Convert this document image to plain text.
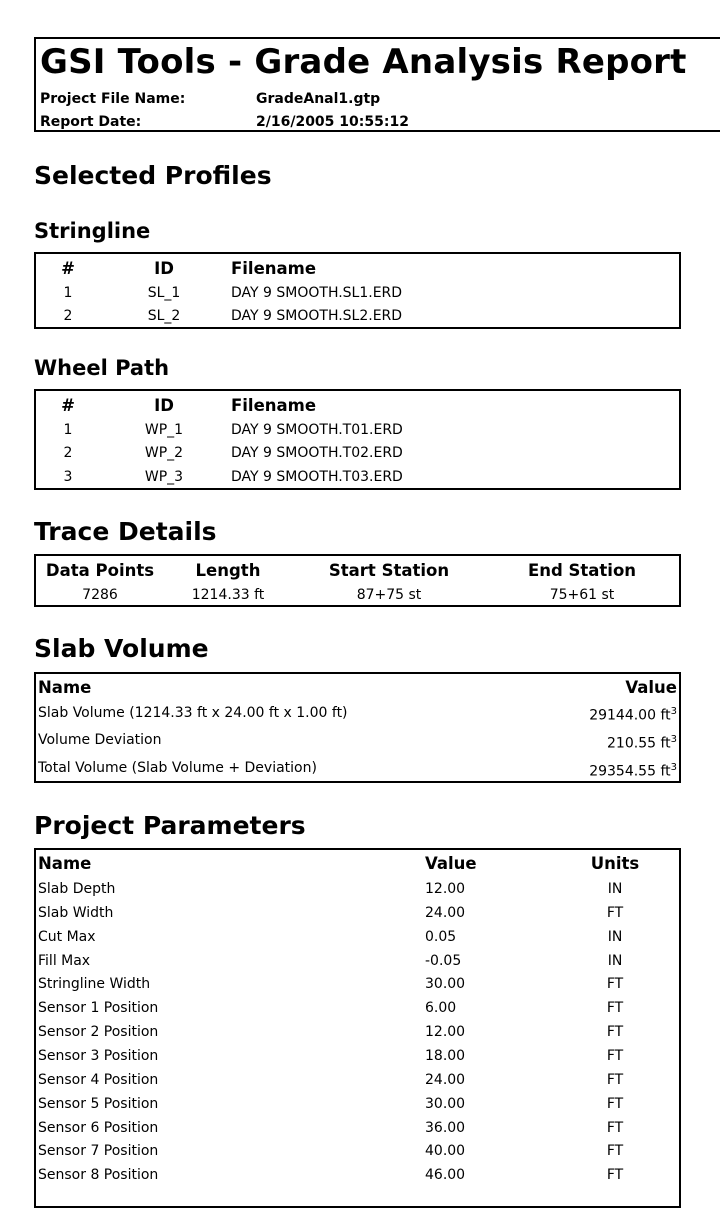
GSI Tools - Grade Analysis Report
Project File Name:	GradeAnal1.gtp
Report Date:	2/16/2005 10:55:12
Selected Profiles
Stringline
#	ID	Filename
1	SL_1	DAY 9 SMOOTH.SL1.ERD
2	SL_2	DAY 9 SMOOTH.SL2.ERD
Wheel Path
#	ID	Filename
1	WP_1	DAY 9 SMOOTH.T01.ERD
2	WP_2	DAY 9 SMOOTH.T02.ERD
3	WP_3	DAY 9 SMOOTH.T03.ERD
Trace Details
Data Points	Length	Start Station	End Station
7286	1214.33 ft	87+75 st	75+61 st
Slab Volume
Name	Value
Slab Volume (1214.33 ft x 24.00 ft x 1.00 ft)	29144.00 $ft^3$
Volume Deviation	210.55 $ft^3$
Total Volume (Slab Volume + Deviation)	29354.55 $ft^3$
Project Parameters
Name	Value	Units
Slab Depth	12.00	IN
Slab Width	24.00	FT
Cut Max	0.05	IN
Fill Max	-0.05	IN
Stringline Width	30.00	FT
Sensor 1 Position	6.00	FT
Sensor 2 Position	12.00	FT
Sensor 3 Position	18.00	FT
Sensor 4 Position	24.00	FT
Sensor 5 Position	30.00	FT
Sensor 6 Position	36.00	FT
Sensor 7 Position	40.00	FT
Sensor 8 Position	46.00	FT
